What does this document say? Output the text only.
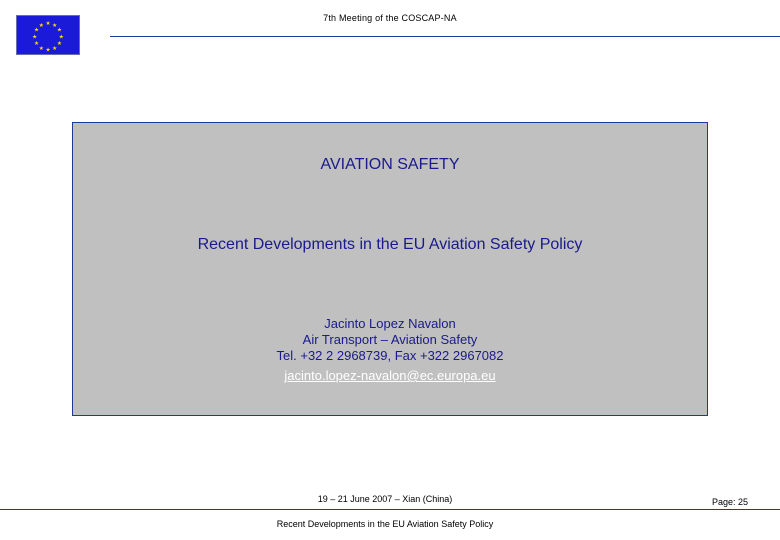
★ ★
★
★
★
★
★
★
★
★
★
★
7th Meeting of the COSCAP-NA
AVIATION SAFETY
Recent Developments in the EU Aviation Safety Policy
Jacinto Lopez Navalon
Air Transport – Aviation Safety
Tel. +32 2 2968739, Fax +322 2967082
jacinto.lopez-navalon@ec.europa.eu
19 – 21 June 2007 – Xian (China)	Page: 25
Recent Developments in the EU Aviation Safety Policy
